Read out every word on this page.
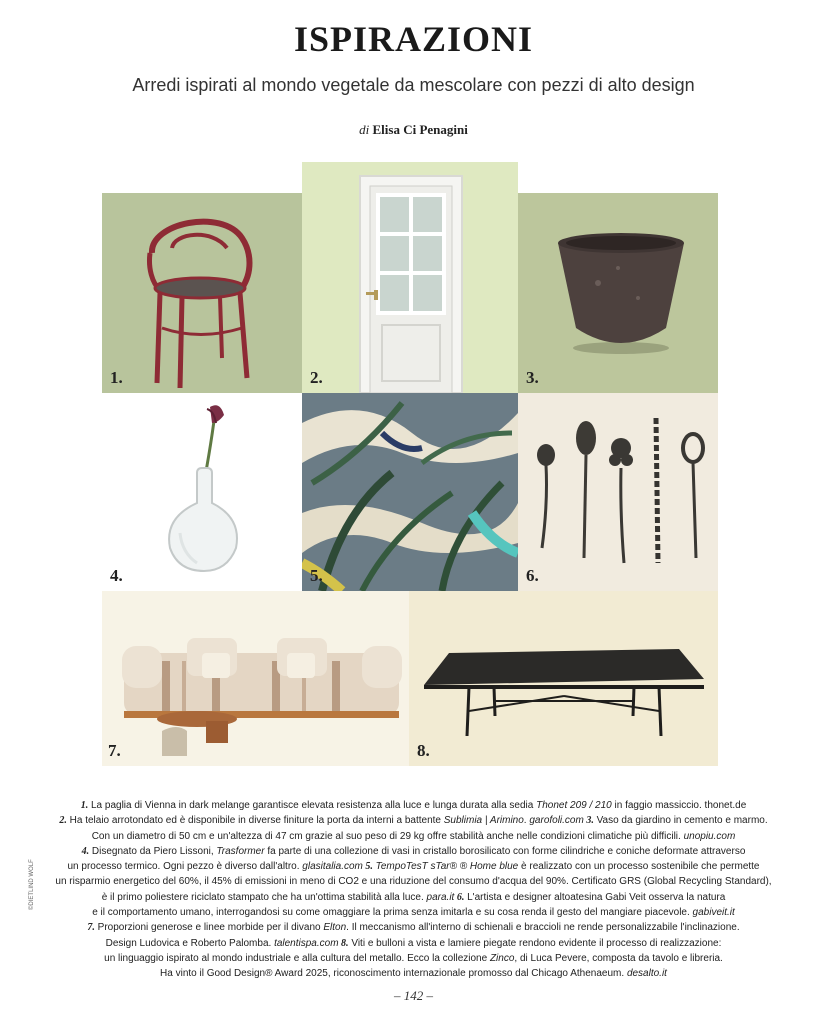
ISPIRAZIONI
Arredi ispirati al mondo vegetale da mescolare con pezzi di alto design
di Elisa Ci Penagini
1.	2.	3.
4.	5.	6.
7.	8.

1. La paglia di Vienna in dark melange garantisce elevata resistenza alla luce e lunga durata alla sedia Thonet 209 / 210 in faggio massiccio. thonet.de

2. Ha telaio arrotondato ed è disponibile in diverse finiture la porta da interni a battente Sublimia | Arimino. garofoli.com 3. Vaso da giardino in cemento e marmo.

Con un diametro di 50 cm e un'altezza di 47 cm grazie al suo peso di 29 kg offre stabilità anche nelle condizioni climatiche più difficili. unopiu.com

4. Disegnato da Piero Lissoni, Trasformer fa parte di una collezione di vasi in cristallo borosilicato con forme cilindriche e coniche deformate attraverso

un processo termico. Ogni pezzo è diverso dall'altro. glasitalia.com 5. TempoTesT sTar® ® Home blue è realizzato con un processo sostenibile che permette

un risparmio energetico del 60%, il 45% di emissioni in meno di CO2 e una riduzione del consumo d'acqua del 90%. Certificato GRS (Global Recycling Standard),

è il primo poliestere riciclato stampato che ha un'ottima stabilità alla luce. para.it 6. L'artista e designer altoatesina Gabi Veit osserva la natura

e il comportamento umano, interrogandosi su come omaggiare la prima senza imitarla e su cosa renda il gesto del mangiare piacevole. gabiveit.it

7. Proporzioni generose e linee morbide per il divano Elton. Il meccanismo all'interno di schienali e braccioli ne rende personalizzabile l'inclinazione.

Design Ludovica e Roberto Palomba. talentispa.com 8. Viti e bulloni a vista e lamiere piegate rendono evidente il processo di realizzazione:

un linguaggio ispirato al mondo industriale e alla cultura del metallo. Ecco la collezione Zinco, di Luca Pevere, composta da tavolo e libreria.

Ha vinto il Good Design® Award 2025, riconoscimento internazionale promosso dal Chicago Athenaeum. desalto.it

©DIETLIND WOLF
– 142 –
